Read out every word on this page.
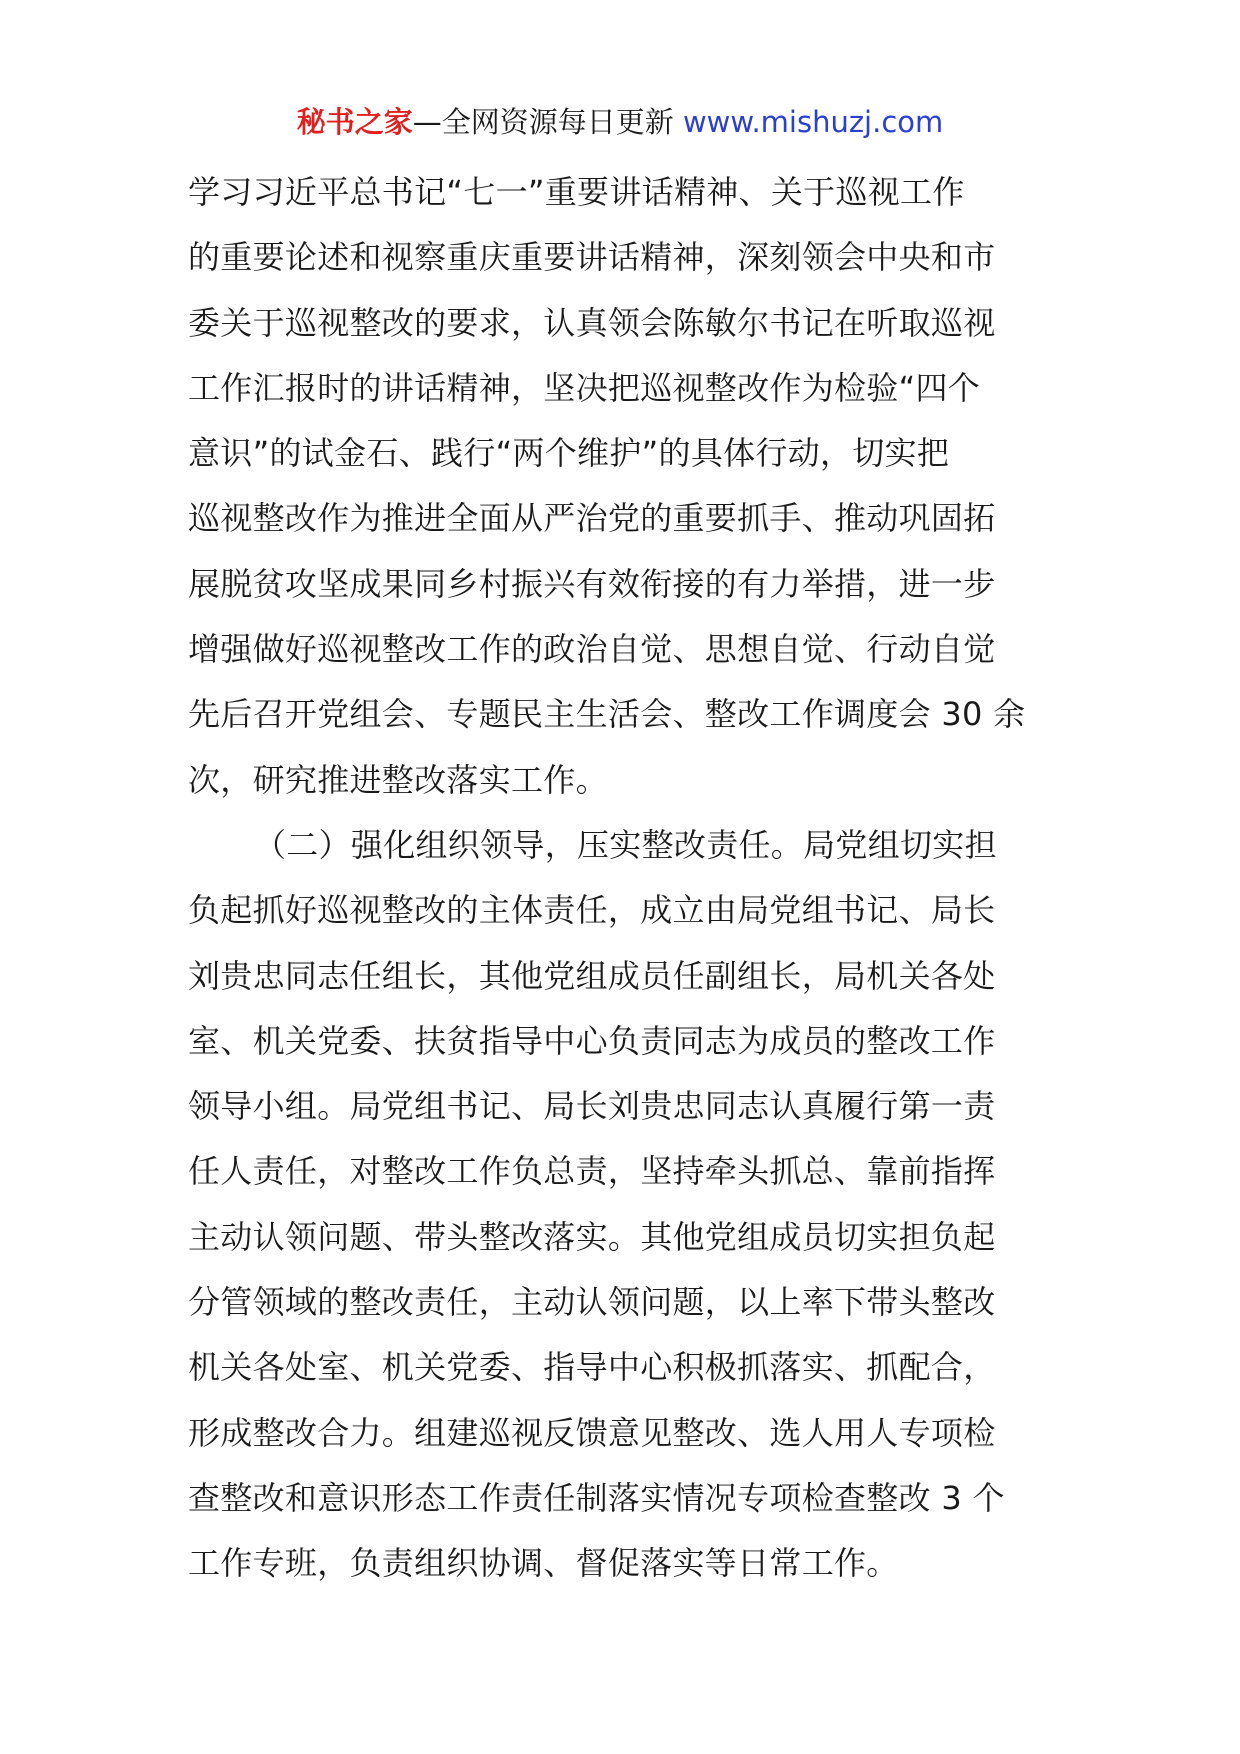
秘书之家—全网资源每日更新 www.mishuzj.com
学习习近平总书记“七一”重要讲话精神、关于巡视工作
的重要论述和视察重庆重要讲话精神，深刻领会中央和市
委关于巡视整改的要求，认真领会陈敏尔书记在听取巡视
工作汇报时的讲话精神，坚决把巡视整改作为检验“四个
意识”的试金石、践行“两个维护”的具体行动，切实把
巡视整改作为推进全面从严治党的重要抓手、推动巩固拓
展脱贫攻坚成果同乡村振兴有效衔接的有力举措，进一步
增强做好巡视整改工作的政治自觉、思想自觉、行动自觉
先后召开党组会、专题民主生活会、整改工作调度会 30 余
次，研究推进整改落实工作。
（二）强化组织领导，压实整改责任。局党组切实担
负起抓好巡视整改的主体责任，成立由局党组书记、局长
刘贵忠同志任组长，其他党组成员任副组长，局机关各处
室、机关党委、扶贫指导中心负责同志为成员的整改工作
领导小组。局党组书记、局长刘贵忠同志认真履行第一责
任人责任，对整改工作负总责，坚持牵头抓总、靠前指挥
主动认领问题、带头整改落实。其他党组成员切实担负起
分管领域的整改责任，主动认领问题，以上率下带头整改
机关各处室、机关党委、指导中心积极抓落实、抓配合，
形成整改合力。组建巡视反馈意见整改、选人用人专项检
查整改和意识形态工作责任制落实情况专项检查整改 3 个
工作专班，负责组织协调、督促落实等日常工作。
